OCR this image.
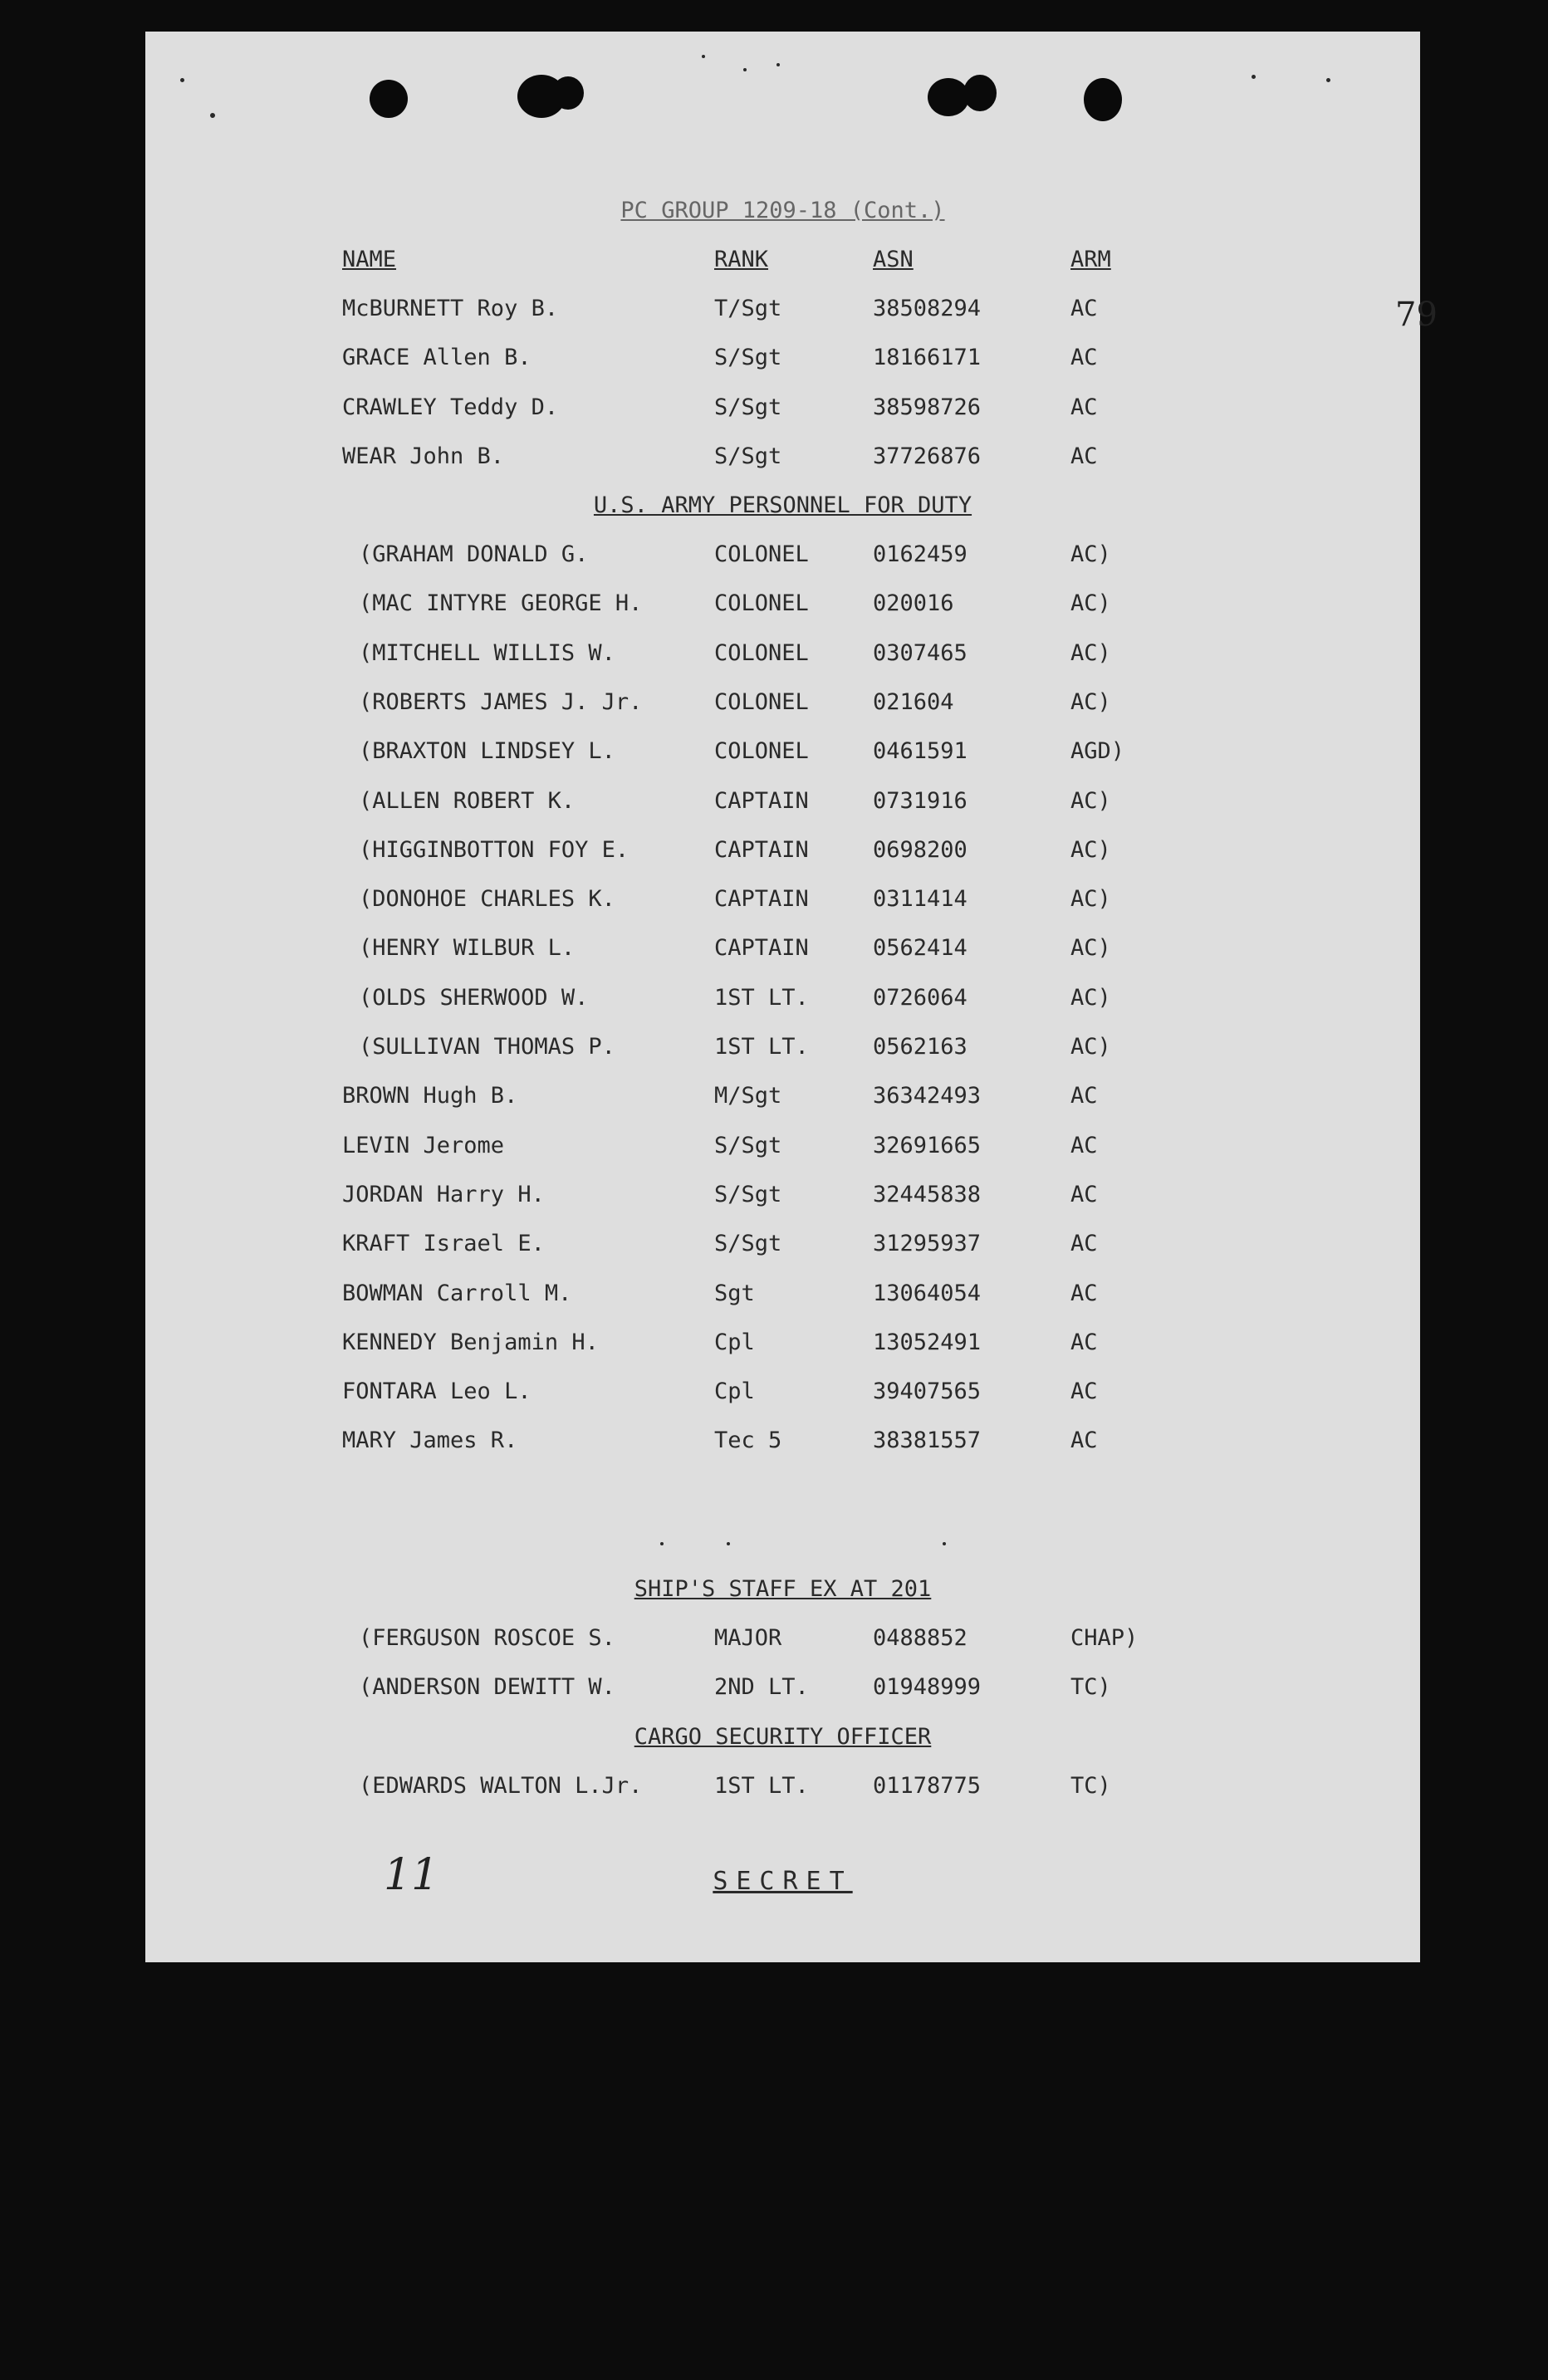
PC GROUP 1209-18 (Cont.)
79
NAME	RANK	ASN	ARM
McBURNETT Roy B.	T/Sgt	38508294	AC
GRACE Allen B.	S/Sgt	18166171	AC
CRAWLEY Teddy D.	S/Sgt	38598726	AC
WEAR John B.	S/Sgt	37726876	AC
U.S. ARMY PERSONNEL FOR DUTY
(GRAHAM DONALD G.	COLONEL	0162459	AC)
(MAC INTYRE GEORGE H.	COLONEL	020016	AC)
(MITCHELL WILLIS W.	COLONEL	0307465	AC)
(ROBERTS JAMES J. Jr.	COLONEL	021604	AC)
(BRAXTON LINDSEY L.	COLONEL	0461591	AGD)
(ALLEN ROBERT K.	CAPTAIN	0731916	AC)
(HIGGINBOTTON FOY E.	CAPTAIN	0698200	AC)
(DONOHOE CHARLES K.	CAPTAIN	0311414	AC)
(HENRY WILBUR L.	CAPTAIN	0562414	AC)
(OLDS SHERWOOD W.	1ST LT.	0726064	AC)
(SULLIVAN THOMAS P.	1ST LT.	0562163	AC)
BROWN Hugh B.	M/Sgt	36342493	AC
LEVIN Jerome	S/Sgt	32691665	AC
JORDAN Harry H.	S/Sgt	32445838	AC
KRAFT Israel E.	S/Sgt	31295937	AC
BOWMAN Carroll M.	Sgt	13064054	AC
KENNEDY Benjamin H.	Cpl	13052491	AC
FONTARA Leo L.	Cpl	39407565	AC
MARY James R.	Tec 5	38381557	AC
SHIP'S STAFF EX AT 201
(FERGUSON ROSCOE S.	MAJOR	0488852	CHAP)
(ANDERSON DEWITT W.	2ND LT.	01948999	TC)
CARGO SECURITY OFFICER
(EDWARDS WALTON L.Jr.	1ST LT.	01178775	TC)
11	SECRET
